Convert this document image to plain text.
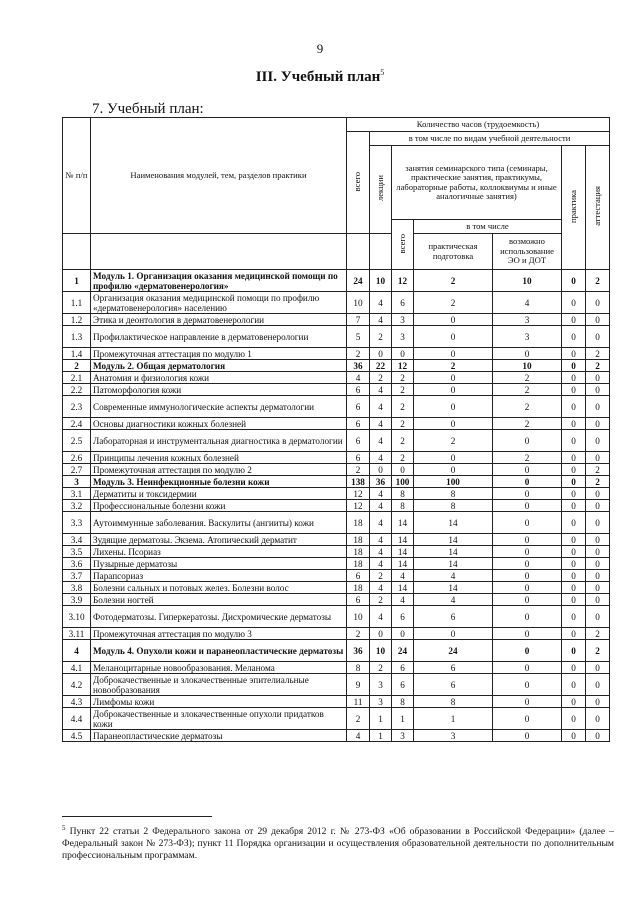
9
III. Учебный план$^5$
7. Учебный план:
№ п/п	Наименования модулей, тем, разделов практики	Количество часов (трудоемкость)						
		всего	в том числе по видам учебной деятельности					
			лекции	занятия семинарского типа (семинары, практические занятия, практикумы, лабораторные работы, коллоквиумы и иные аналогичные занятия)			практика	аттестация
				всего	в том числе			
					практическая подготовка	возможно использование ЭО и ДОТ		
1	Модуль 1. Организация оказания медицинской помощи по профилю «дерматовенерология»	24	10	12	2	10	0	2
1.1	Организация оказания медицинской помощи по профилю «дерматовенерология» населению	10	4	6	2	4	0	0
1.2	Этика и деонтология в дерматовенерологии	7	4	3	0	3	0	0
1.3	Профилактическое направление в дерматовенерологии	5	2	3	0	3	0	0
1.4	Промежуточная аттестация по модулю 1	2	0	0	0	0	0	2
2	Модуль 2. Общая дерматология	36	22	12	2	10	0	2
2.1	Анатомия и физиология кожи	4	2	2	0	2	0	0
2.2	Патоморфология кожи	6	4	2	0	2	0	0
2.3	Современные иммунологические аспекты дерматологии	6	4	2	0	2	0	0
2.4	Основы диагностики кожных болезней	6	4	2	0	2	0	0
2.5	Лабораторная и инструментальная диагностика в дерматологии	6	4	2	2	0	0	0
2.6	Принципы лечения кожных болезней	6	4	2	0	2	0	0
2.7	Промежуточная аттестация по модулю 2	2	0	0	0	0	0	2
3	Модуль 3. Неинфекционные болезни кожи	138	36	100	100	0	0	2
3.1	Дерматиты и токсидермии	12	4	8	8	0	0	0
3.2	Профессиональные болезни кожи	12	4	8	8	0	0	0
3.3	Аутоиммунные заболевания. Васкулиты (ангииты) кожи	18	4	14	14	0	0	0
3.4	Зудящие дерматозы. Экзема. Атопический дерматит	18	4	14	14	0	0	0
3.5	Лихены. Псориаз	18	4	14	14	0	0	0
3.6	Пузырные дерматозы	18	4	14	14	0	0	0
3.7	Парапсориаз	6	2	4	4	0	0	0
3.8	Болезни сальных и потовых желез. Болезни волос	18	4	14	14	0	0	0
3.9	Болезни ногтей	6	2	4	4	0	0	0
3.10	Фотодерматозы. Гиперкератозы. Дисхромические дерматозы	10	4	6	6	0	0	0
3.11	Промежуточная аттестация по модулю 3	2	0	0	0	0	0	2
4	Модуль 4. Опухоли кожи и паранеопластические дерматозы	36	10	24	24	0	0	2
4.1	Меланоцитарные новообразования. Меланома	8	2	6	6	0	0	0
4.2	Доброкачественные и злокачественные эпителиальные новообразования	9	3	6	6	0	0	0
4.3	Лимфомы кожи	11	3	8	8	0	0	0
4.4	Доброкачественные и злокачественные опухоли придатков кожи	2	1	1	1	0	0	0
4.5	Паранеопластические дерматозы	4	1	3	3	0	0	0
$^5$ Пункт 22 статьи 2 Федерального закона от 29 декабря 2012 г. № 273-ФЗ «Об образовании в Российской Федерации» (далее – Федеральный закон № 273-ФЗ); пункт 11 Порядка организации и осуществления образовательной деятельности по дополнительным профессиональным программам.
